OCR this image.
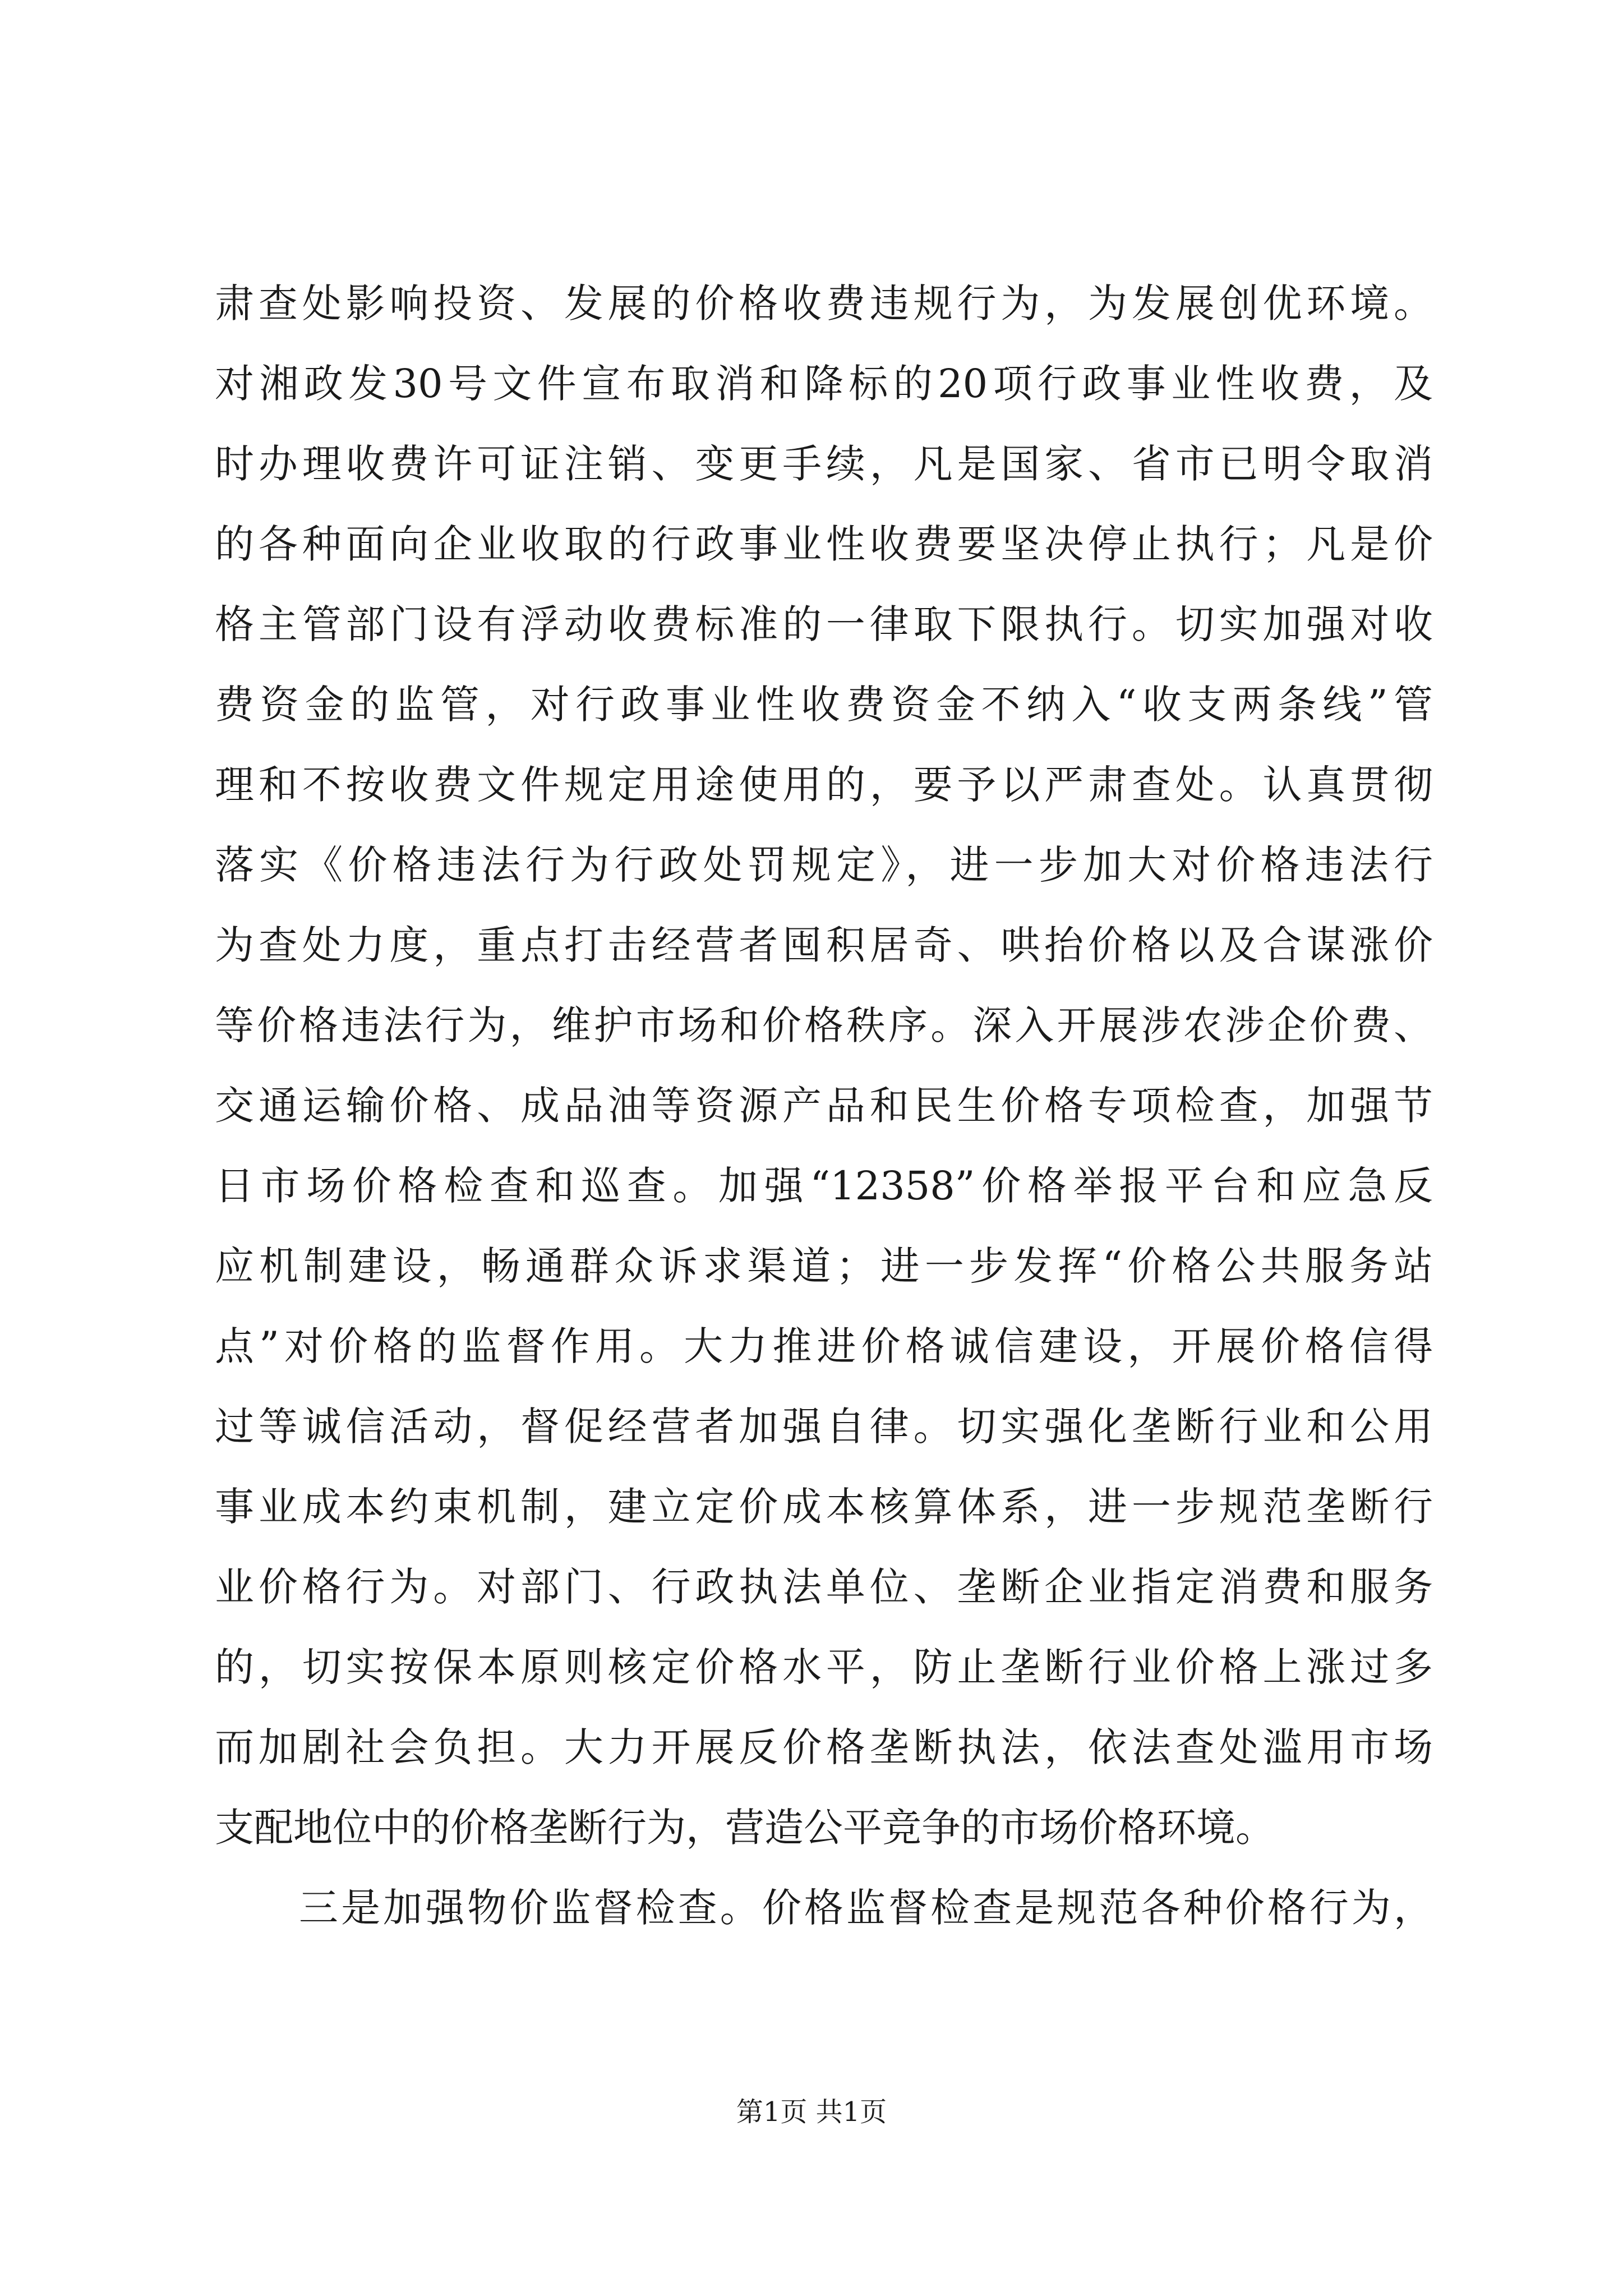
肃查处影响投资、发展的价格收费违规行为，为发展创优环境。
对湘政发30号文件宣布取消和降标的20项行政事业性收费，及
时办理收费许可证注销、变更手续，凡是国家、省市已明令取消
的各种面向企业收取的行政事业性收费要坚决停止执行；凡是价
格主管部门设有浮动收费标准的一律取下限执行。切实加强对收
费资金的监管，对行政事业性收费资金不纳入“收支两条线”管
理和不按收费文件规定用途使用的，要予以严肃查处。认真贯彻
落实《价格违法行为行政处罚规定》，进一步加大对价格违法行
为查处力度，重点打击经营者囤积居奇、哄抬价格以及合谋涨价
等价格违法行为，维护市场和价格秩序。深入开展涉农涉企价费、
交通运输价格、成品油等资源产品和民生价格专项检查，加强节
日市场价格检查和巡查。加强“12358”价格举报平台和应急反
应机制建设，畅通群众诉求渠道；进一步发挥“价格公共服务站
点”对价格的监督作用。大力推进价格诚信建设，开展价格信得
过等诚信活动，督促经营者加强自律。切实强化垄断行业和公用
事业成本约束机制，建立定价成本核算体系，进一步规范垄断行
业价格行为。对部门、行政执法单位、垄断企业指定消费和服务
的，切实按保本原则核定价格水平，防止垄断行业价格上涨过多
而加剧社会负担。大力开展反价格垄断执法，依法查处滥用市场
支配地位中的价格垄断行为，营造公平竞争的市场价格环境。
三是加强物价监督检查。价格监督检查是规范各种价格行为，
第1页 共1页
